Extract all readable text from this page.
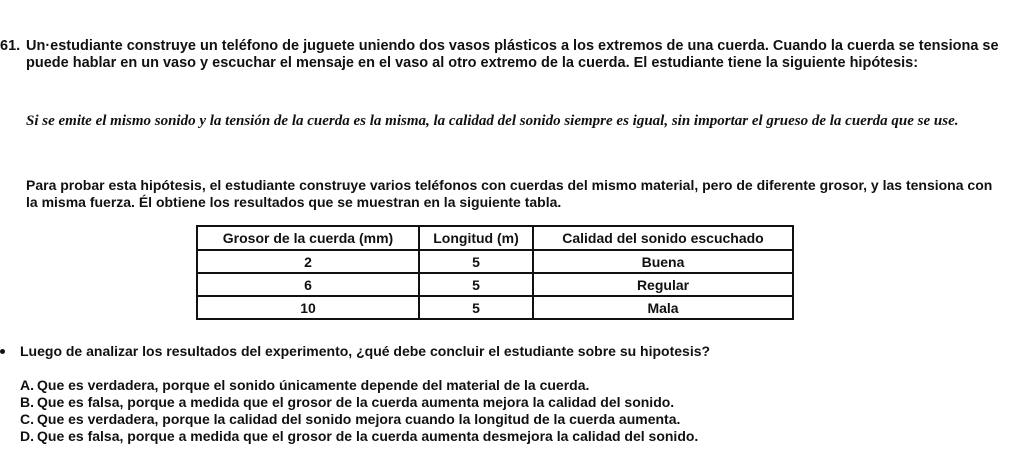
61. Un·estudiante construye un teléfono de juguete uniendo dos vasos plásticos a los extremos de una cuerda. Cuando la cuerda se tensiona se puede hablar en un vaso y escuchar el mensaje en el vaso al otro extremo de la cuerda. El estudiante tiene la siguiente hipótesis:
Si se emite el mismo sonido y la tensión de la cuerda es la misma, la calidad del sonido siempre es igual, sin importar el grueso de la cuerda que se use.
Para probar esta hipótesis, el estudiante construye varios teléfonos con cuerdas del mismo material, pero de diferente grosor, y las tensiona con la misma fuerza. Él obtiene los resultados que se muestran en la siguiente tabla.
Grosor de la cuerda (mm)	Longitud (m)	Calidad del sonido escuchado
2	5	Buena
6	5	Regular
10	5	Mala
Luego de analizar los resultados del experimento, ¿qué debe concluir el estudiante sobre su hipotesis?
A. Que es verdadera, porque el sonido únicamente depende del material de la cuerda.
B. Que es falsa, porque a medida que el grosor de la cuerda aumenta mejora la calidad del sonido.
C. Que es verdadera, porque la calidad del sonido mejora cuando la longitud de la cuerda aumenta.
D. Que es falsa, porque a medida que el grosor de la cuerda aumenta desmejora la calidad del sonido.
